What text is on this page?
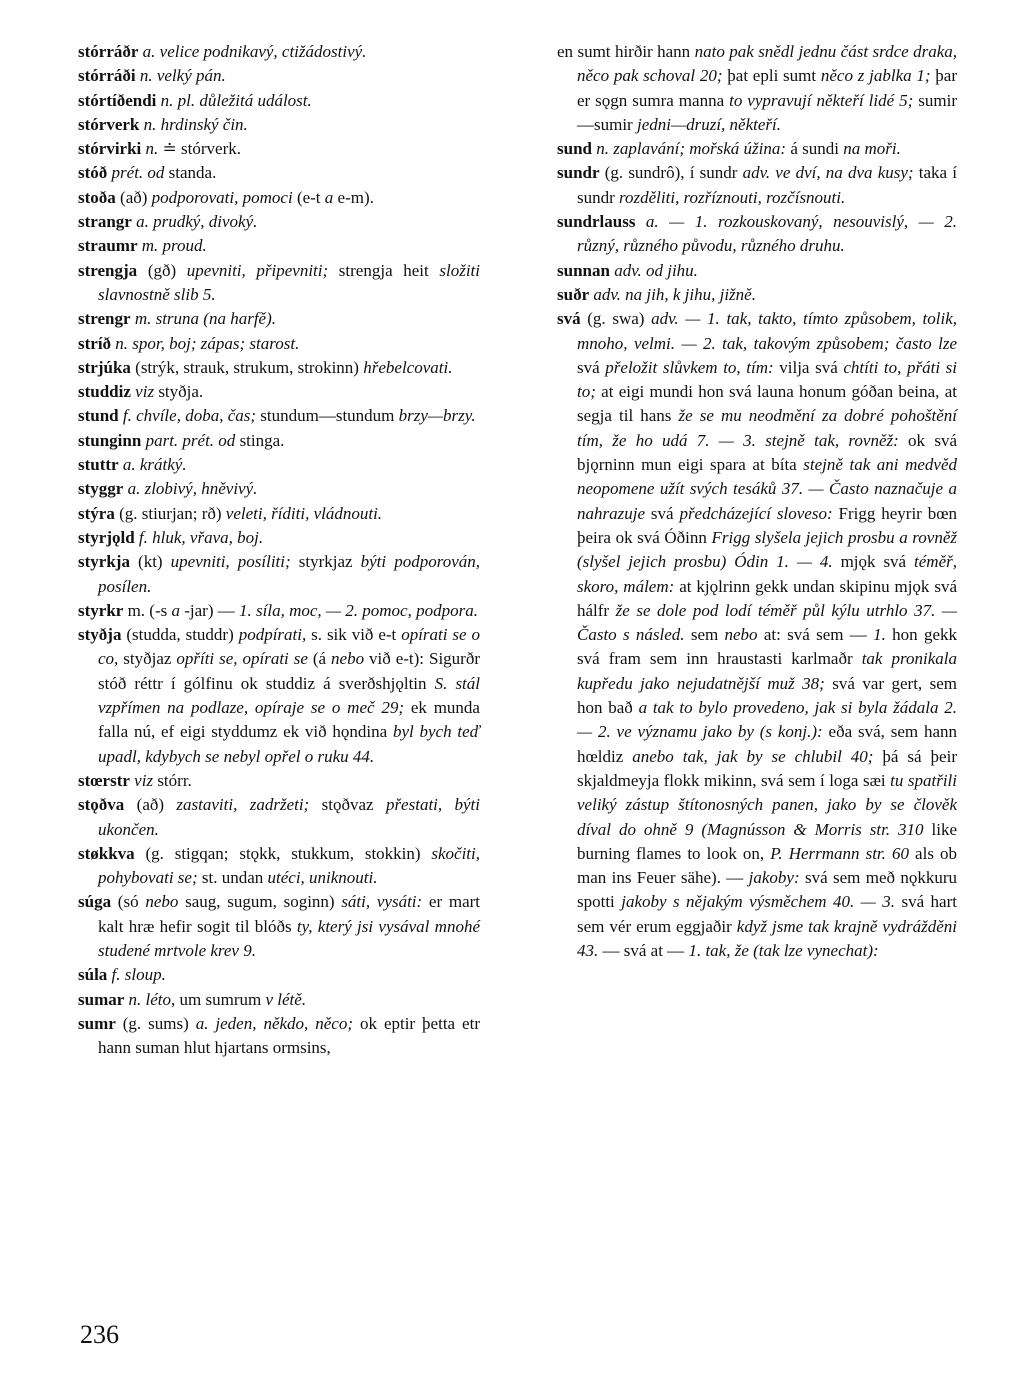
stórráðr a. velice podnikavý, ctižádostivý.

stórráði n. velký pán.

stórtíðendi n. pl. důležitá událost.

stórverk n. hrdinský čin.

stórvirki n. ≐ stórverk.

stóð prét. od standa.

stoða (að) podporovati, pomoci (e-t a e-m).

strangr a. prudký, divoký.

straumr m. proud.

strengja (gð) upevniti, připevniti; strengja heit složiti slavnostně slib 5.

strengr m. struna (na harfě).

stríð n. spor, boj; zápas; starost.

strjúka (strýk, strauk, strukum, strokinn) hřebelcovati.

studdiz viz styðja.

stund f. chvíle, doba, čas; stundum—stundum brzy—brzy.

stunginn part. prét. od stinga.

stuttr a. krátký.

styggr a. zlobivý, hněvivý.

stýra (g. stiurjan; rð) veleti, říditi, vládnouti.

styrjǫld f. hluk, vřava, boj.

styrkja (kt) upevniti, posíliti; styrkjaz býti podporován, posílen.

styrkr m. (-s a -jar) — 1. síla, moc, — 2. pomoc, podpora.

styðja (studda, studdr) podpírati, s. sik við e-t opírati se o co, styðjaz opříti se, opírati se (á nebo við e-t): Sigurðr stóð réttr í gólfinu ok studdiz á sverðshjǫltin S. stál vzpřímen na podlaze, opíraje se o meč 29; ek munda falla nú, ef eigi styddumz ek við hǫndina byl bych teď upadl, kdybych se nebyl opřel o ruku 44.

stœrstr viz stórr.

stǫðva (að) zastaviti, zadržeti; stǫðvaz přestati, býti ukončen.

støkkva (g. stigqan; stǫkk, stukkum, stokkin) skočiti, pohybovati se; st. undan utéci, uniknouti.

súga (só nebo saug, sugum, soginn) sáti, vysáti: er mart kalt hræ hefir sogit til blóðs ty, který jsi vysával mnohé studené mrtvole krev 9.

súla f. sloup.

sumar n. léto, um sumrum v létě.

sumr (g. sums) a. jeden, někdo, něco; ok eptir þetta etr hann suman hlut hjartans ormsins,

en sumt hirðir hann nato pak snědl jednu část srdce draka, něco pak schoval 20; þat epli sumt něco z jablka 1; þar er sǫgn sumra manna to vypravují někteří lidé 5; sumir—sumir jedni—druzí, někteří.

sund n. zaplavání; mořská úžina: á sundi na moři.

sundr (g. sundrô), í sundr adv. ve dví, na dva kusy; taka í sundr rozděliti, rozříznouti, rozčísnouti.

sundrlauss a. — 1. rozkouskovaný, nesouvislý, — 2. různý, různého původu, různého druhu.

sunnan adv. od jihu.

suðr adv. na jih, k jihu, jižně.

svá (g. swa) adv. — 1. tak, takto, tímto způsobem, tolik, mnoho, velmi. — 2. tak, takovým způsobem; často lze svá přeložit slůvkem to, tím: vilja svá chtíti to, přáti si to; at eigi mundi hon svá launa honum góðan beina, at segja til hans že se mu neodmění za dobré pohoštění tím, že ho udá 7. — 3. stejně tak, rovněž: ok svá bjǫrninn mun eigi spara at bíta stejně tak ani medvěd neopomene užít svých tesáků 37. — Často naznačuje a nahrazuje svá předcházející sloveso: Frigg heyrir bœn þeira ok svá Óðinn Frigg slyšela jejich prosbu a rovněž (slyšel jejich prosbu) Ódin 1. — 4. mjǫk svá téměř, skoro, málem: at kjǫlrinn gekk undan skipinu mjǫk svá hálfr že se dole pod lodí téměř půl kýlu utrhlo 37. — Často s násled. sem nebo at: svá sem — 1. hon gekk svá fram sem inn hraustasti karlmaðr tak pronikala kupředu jako nejudatnější muž 38; svá var gert, sem hon bað a tak to bylo provedeno, jak si byla žádala 2. — 2. ve významu jako by (s konj.): eða svá, sem hann hœldiz anebo tak, jak by se chlubil 40; þá sá þeir skjaldmeyja flokk mikinn, svá sem í loga sæi tu spatřili veliký zástup štítonosných panen, jako by se člověk díval do ohně 9 (Magnússon & Morris str. 310 like burning flames to look on, P. Herrmann str. 60 als ob man ins Feuer sähe). — jakoby: svá sem með nǫkkuru spotti jakoby s nějakým výsměchem 40. — 3. svá hart sem vér erum eggjaðir když jsme tak krajně vydrážděni 43. — svá at — 1. tak, že (tak lze vynechat):

236
